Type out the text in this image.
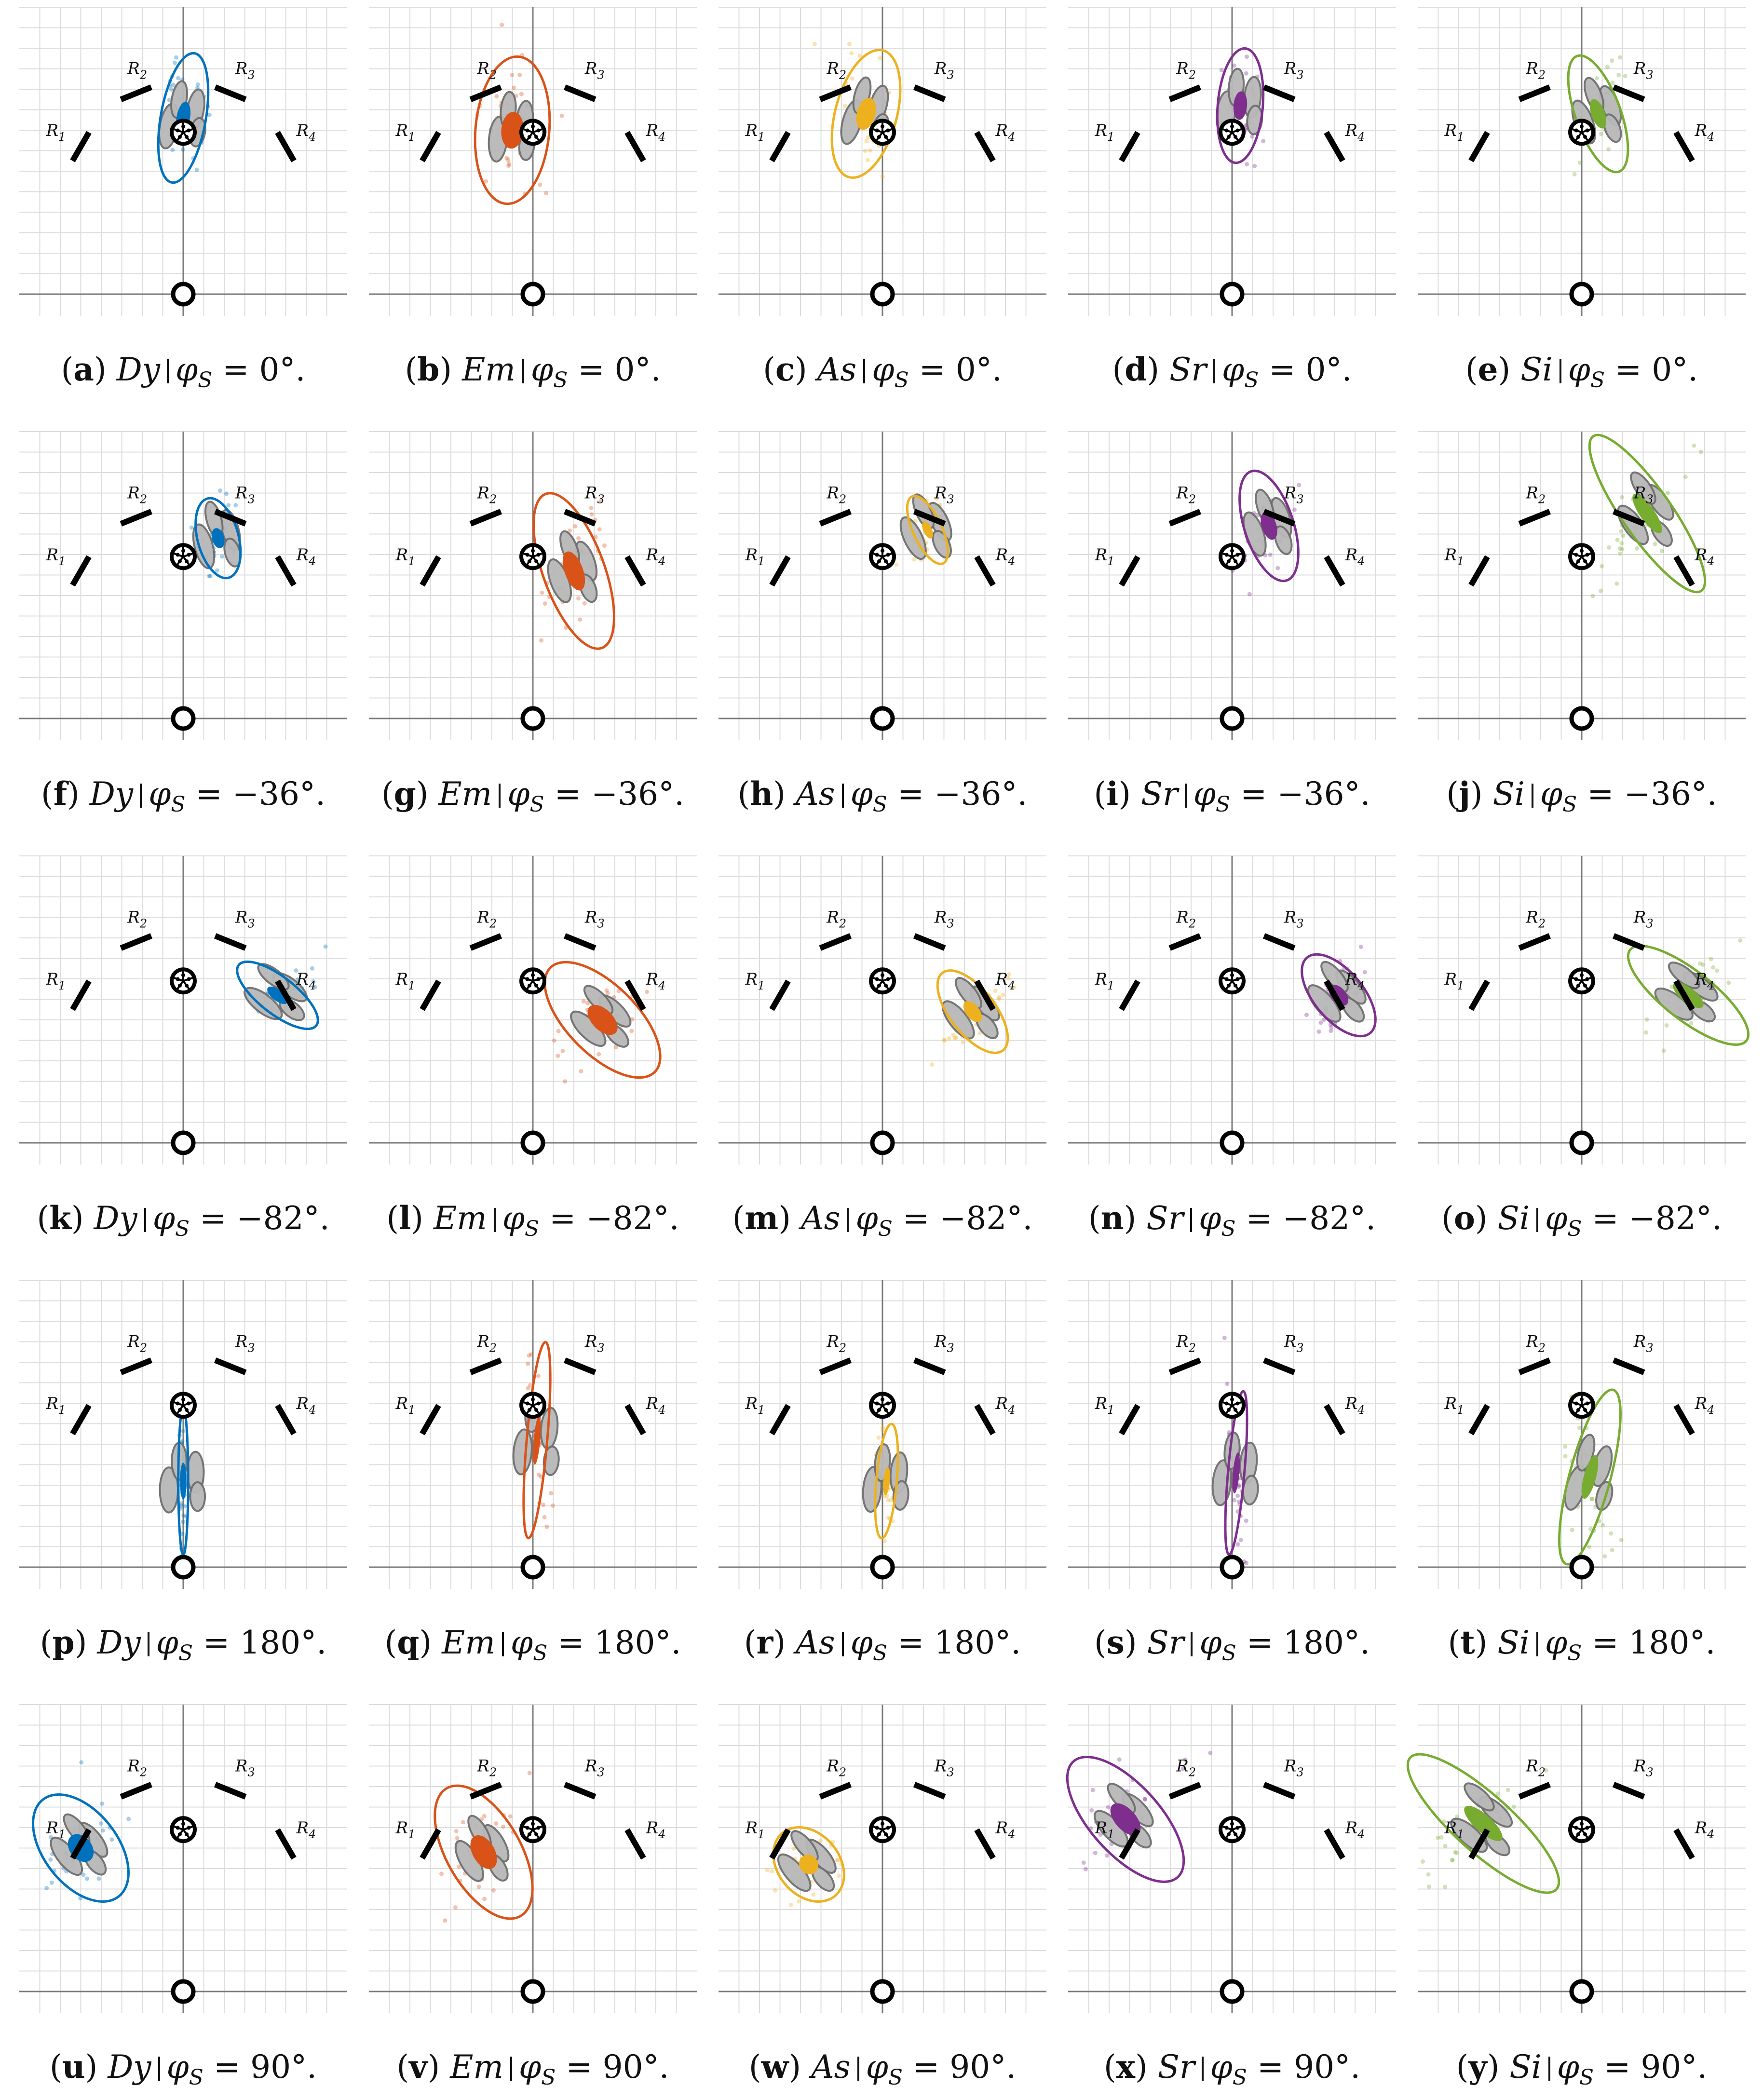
$R_1$
$R_2$	$R_3$
$R_4$
(a) Dy $\varphi_S = 0^\circ$.
$R_1$
$R_2$	$R_3$
$R_4$
(b) Em $\varphi_S = 0^\circ$.
$R_1$
$R_2$	$R_3$
$R_4$
(c) As $\varphi_S = 0^\circ$.
$R_1$
$R_2$	$R_3$
$R_4$
(d) Sr $\varphi_S = 0^\circ$.
$R_1$
$R_2$	$R_3$
$R_4$
(e) Si $\varphi_S = 0^\circ$.
$R_1$
$R_2$	$R_3$
$R_4$
(f) Dy $\varphi_S = -36^\circ$.
$R_1$
$R_2$	$R_3$
$R_4$
(g) Em $\varphi_S = -36^\circ$.
$R_1$
$R_2$	$R_3$
$R_4$
(h) As $\varphi_S = -36^\circ$.
$R_1$
$R_2$	$R_3$
$R_4$
(i) Sr $\varphi_S = -36^\circ$.
$R_1$
$R_2$	$R_3$
$R_4$
(j) Si $\varphi_S = -36^\circ$.
$R_1$
$R_2$	$R_3$
$R_4$
(k) Dy $\varphi_S = -82^\circ$.
$R_1$
$R_2$	$R_3$
$R_4$
(l) Em $\varphi_S = -82^\circ$.
$R_1$
$R_2$	$R_3$
$R_4$
(m) As $\varphi_S = -82^\circ$.
$R_1$
$R_2$	$R_3$
$R_4$
(n) Sr $\varphi_S = -82^\circ$.
$R_1$
$R_2$	$R_3$
$R_4$
(o) Si $\varphi_S = -82^\circ$.
$R_1$
$R_2$	$R_3$
$R_4$
(p) Dy $\varphi_S = 180^\circ$.
$R_1$
$R_2$	$R_3$
$R_4$
(q) Em $\varphi_S = 180^\circ$.
$R_1$
$R_2$	$R_3$
$R_4$
(r) As $\varphi_S = 180^\circ$.
$R_1$
$R_2$	$R_3$
$R_4$
(s) Sr $\varphi_S = 180^\circ$.
$R_1$
$R_2$	$R_3$
$R_4$
(t) Si $\varphi_S = 180^\circ$.
$R_1$
$R_2$	$R_3$
$R_4$
(u) Dy $\varphi_S = 90^\circ$.
$R_1$
$R_2$	$R_3$
$R_4$
(v) Em $\varphi_S = 90^\circ$.
$R_1$
$R_2$	$R_3$
$R_4$
(w) As $\varphi_S = 90^\circ$.
$R_1$
$R_2$	$R_3$
$R_4$
(x) Sr $\varphi_S = 90^\circ$.
$R_1$
$R_2$	$R_3$
$R_4$
(y) Si $\varphi_S = 90^\circ$.
